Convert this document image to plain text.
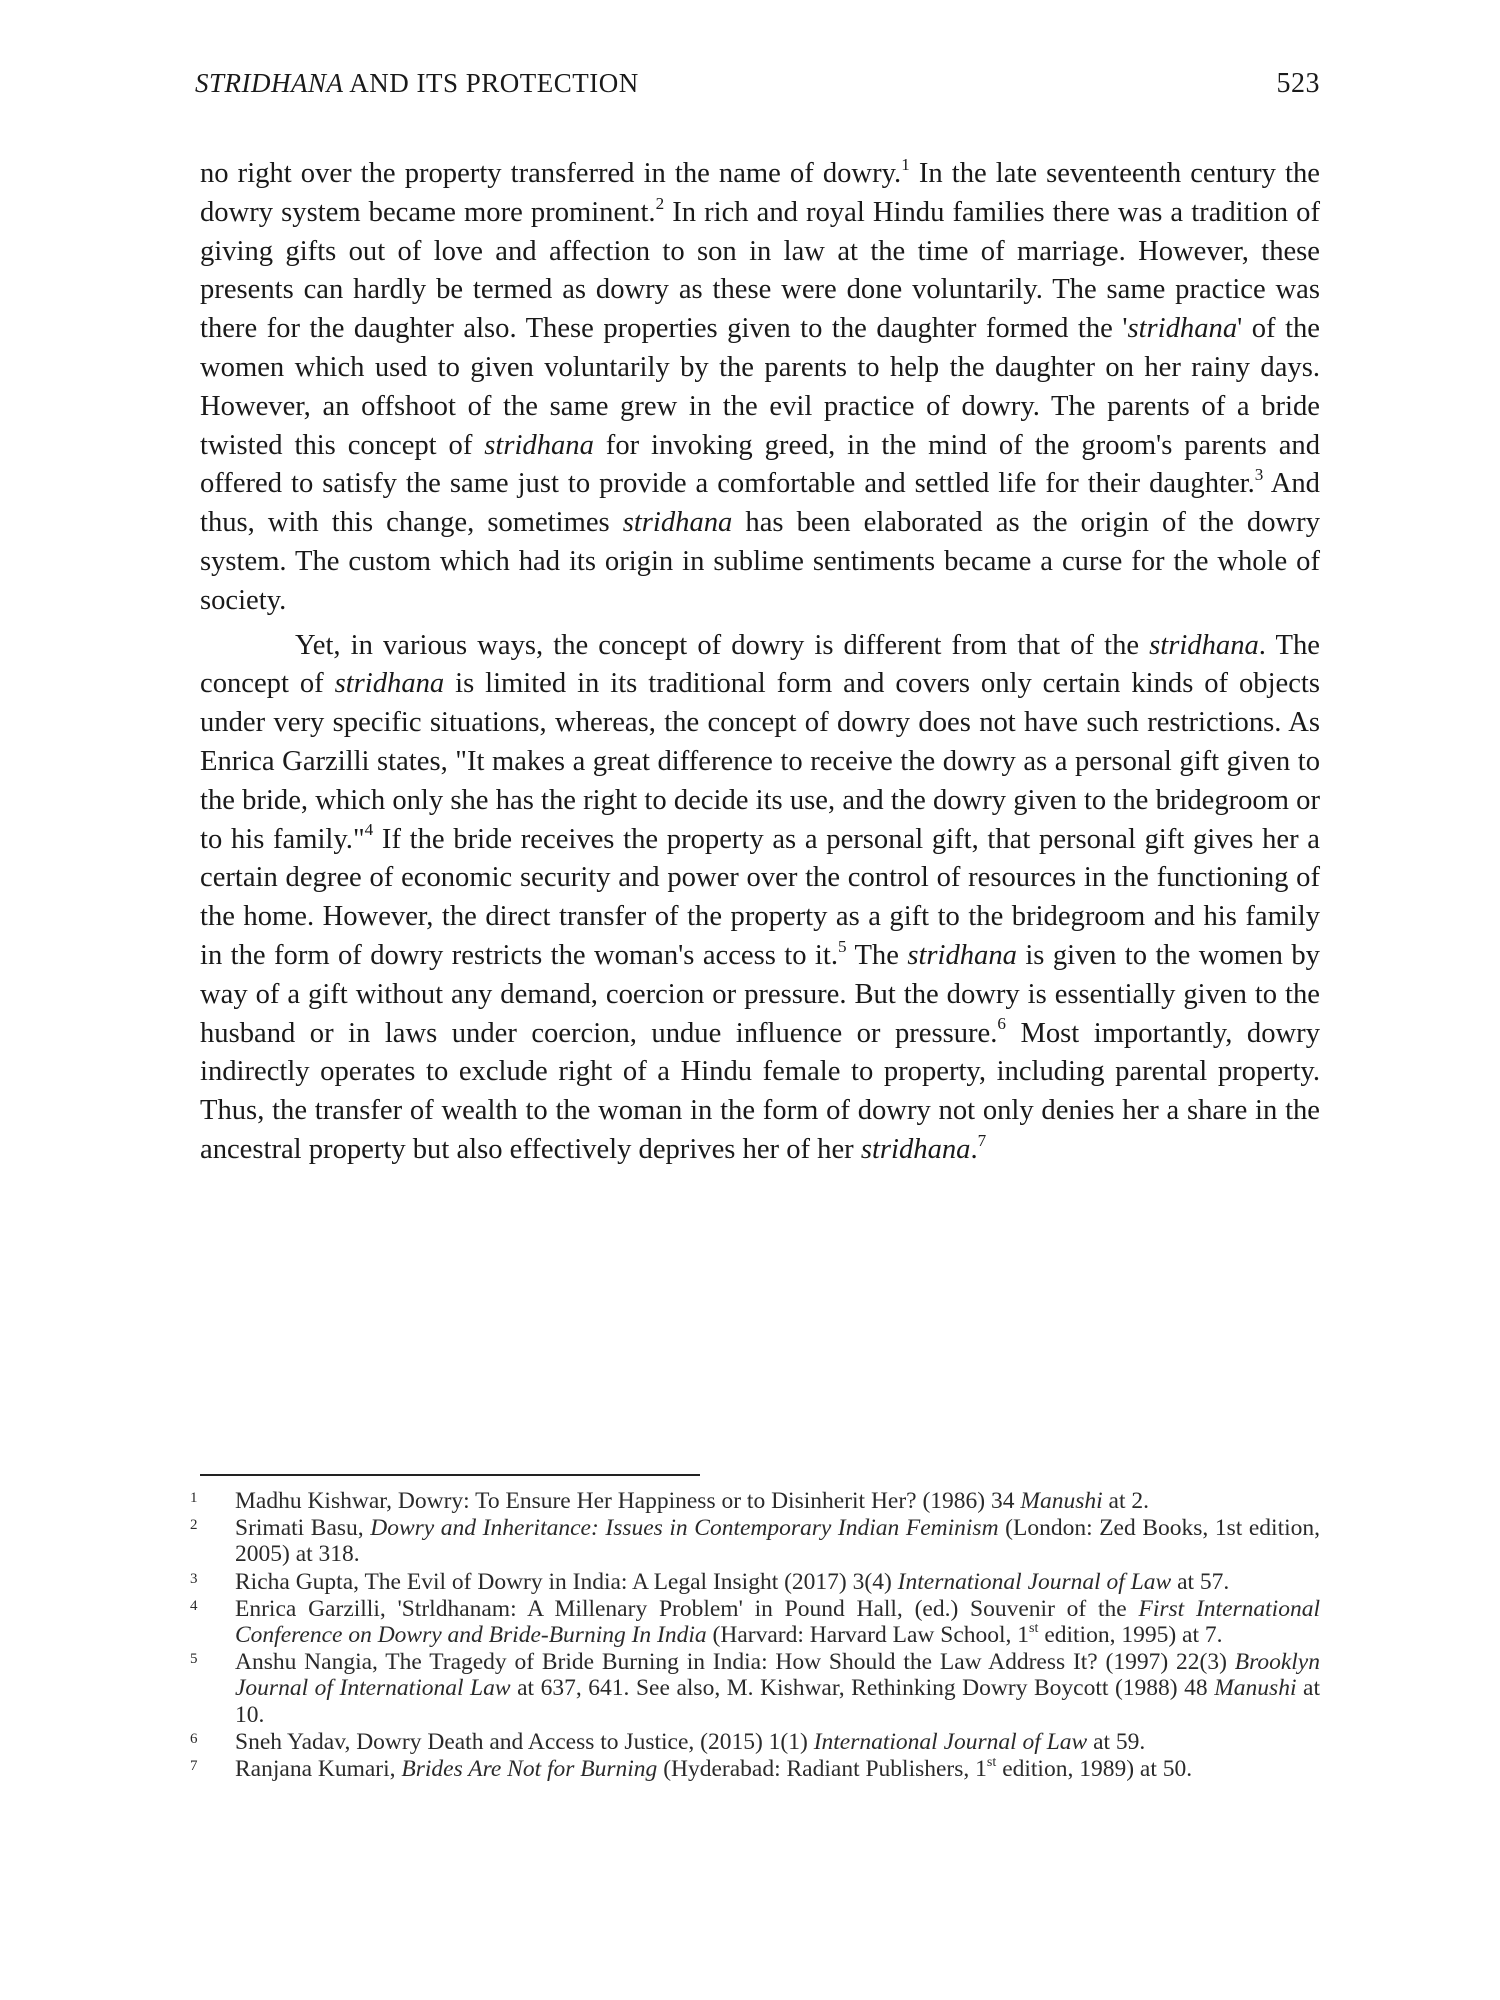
STRIDHANA AND ITS PROTECTION	523

no right over the property transferred in the name of dowry.$^1$ In the late seventeenth century the dowry system became more prominent.$^2$ In rich and royal Hindu families there was a tradition of giving gifts out of love and affection to son in law at the time of marriage. However, these presents can hardly be termed as dowry as these were done voluntarily. The same practice was there for the daughter also. These properties given to the daughter formed the 'stridhana' of the women which used to given voluntarily by the parents to help the daughter on her rainy days. However, an offshoot of the same grew in the evil practice of dowry. The parents of a bride twisted this concept of stridhana for invoking greed, in the mind of the groom's parents and offered to satisfy the same just to provide a comfortable and settled life for their daughter.$^3$ And thus, with this change, sometimes stridhana has been elaborated as the origin of the dowry system. The custom which had its origin in sublime sentiments became a curse for the whole of society.

Yet, in various ways, the concept of dowry is different from that of the stridhana. The concept of stridhana is limited in its traditional form and covers only certain kinds of objects under very specific situations, whereas, the concept of dowry does not have such restrictions. As Enrica Garzilli states, "It makes a great difference to receive the dowry as a personal gift given to the bride, which only she has the right to decide its use, and the dowry given to the bridegroom or to his family."$^4$ If the bride receives the property as a personal gift, that personal gift gives her a certain degree of economic security and power over the control of resources in the functioning of the home. However, the direct transfer of the property as a gift to the bridegroom and his family in the form of dowry restricts the woman's access to it.$^5$ The stridhana is given to the women by way of a gift without any demand, coercion or pressure. But the dowry is essentially given to the husband or in laws under coercion, undue influence or pressure.$^6$ Most importantly, dowry indirectly operates to exclude right of a Hindu female to property, including parental property. Thus, the transfer of wealth to the woman in the form of dowry not only denies her a share in the ancestral property but also effectively deprives her of her stridhana.$^7$

1	Madhu Kishwar, Dowry: To Ensure Her Happiness or to Disinherit Her? (1986) 34 Manushi at 2.
2	Srimati Basu, Dowry and Inheritance: Issues in Contemporary Indian Feminism (London: Zed Books, 1st edition, 2005) at 318.
3	Richa Gupta, The Evil of Dowry in India: A Legal Insight (2017) 3(4) International Journal of Law at 57.
4	Enrica Garzilli, 'Strldhanam: A Millenary Problem' in Pound Hall, (ed.) Souvenir of the First International Conference on Dowry and Bride-Burning In India (Harvard: Harvard Law School, 1st edition, 1995) at 7.
5	Anshu Nangia, The Tragedy of Bride Burning in India: How Should the Law Address It? (1997) 22(3) Brooklyn Journal of International Law at 637, 641. See also, M. Kishwar, Rethinking Dowry Boycott (1988) 48 Manushi at 10.
6	Sneh Yadav, Dowry Death and Access to Justice, (2015) 1(1) International Journal of Law at 59.
7	Ranjana Kumari, Brides Are Not for Burning (Hyderabad: Radiant Publishers, 1st edition, 1989) at 50.
